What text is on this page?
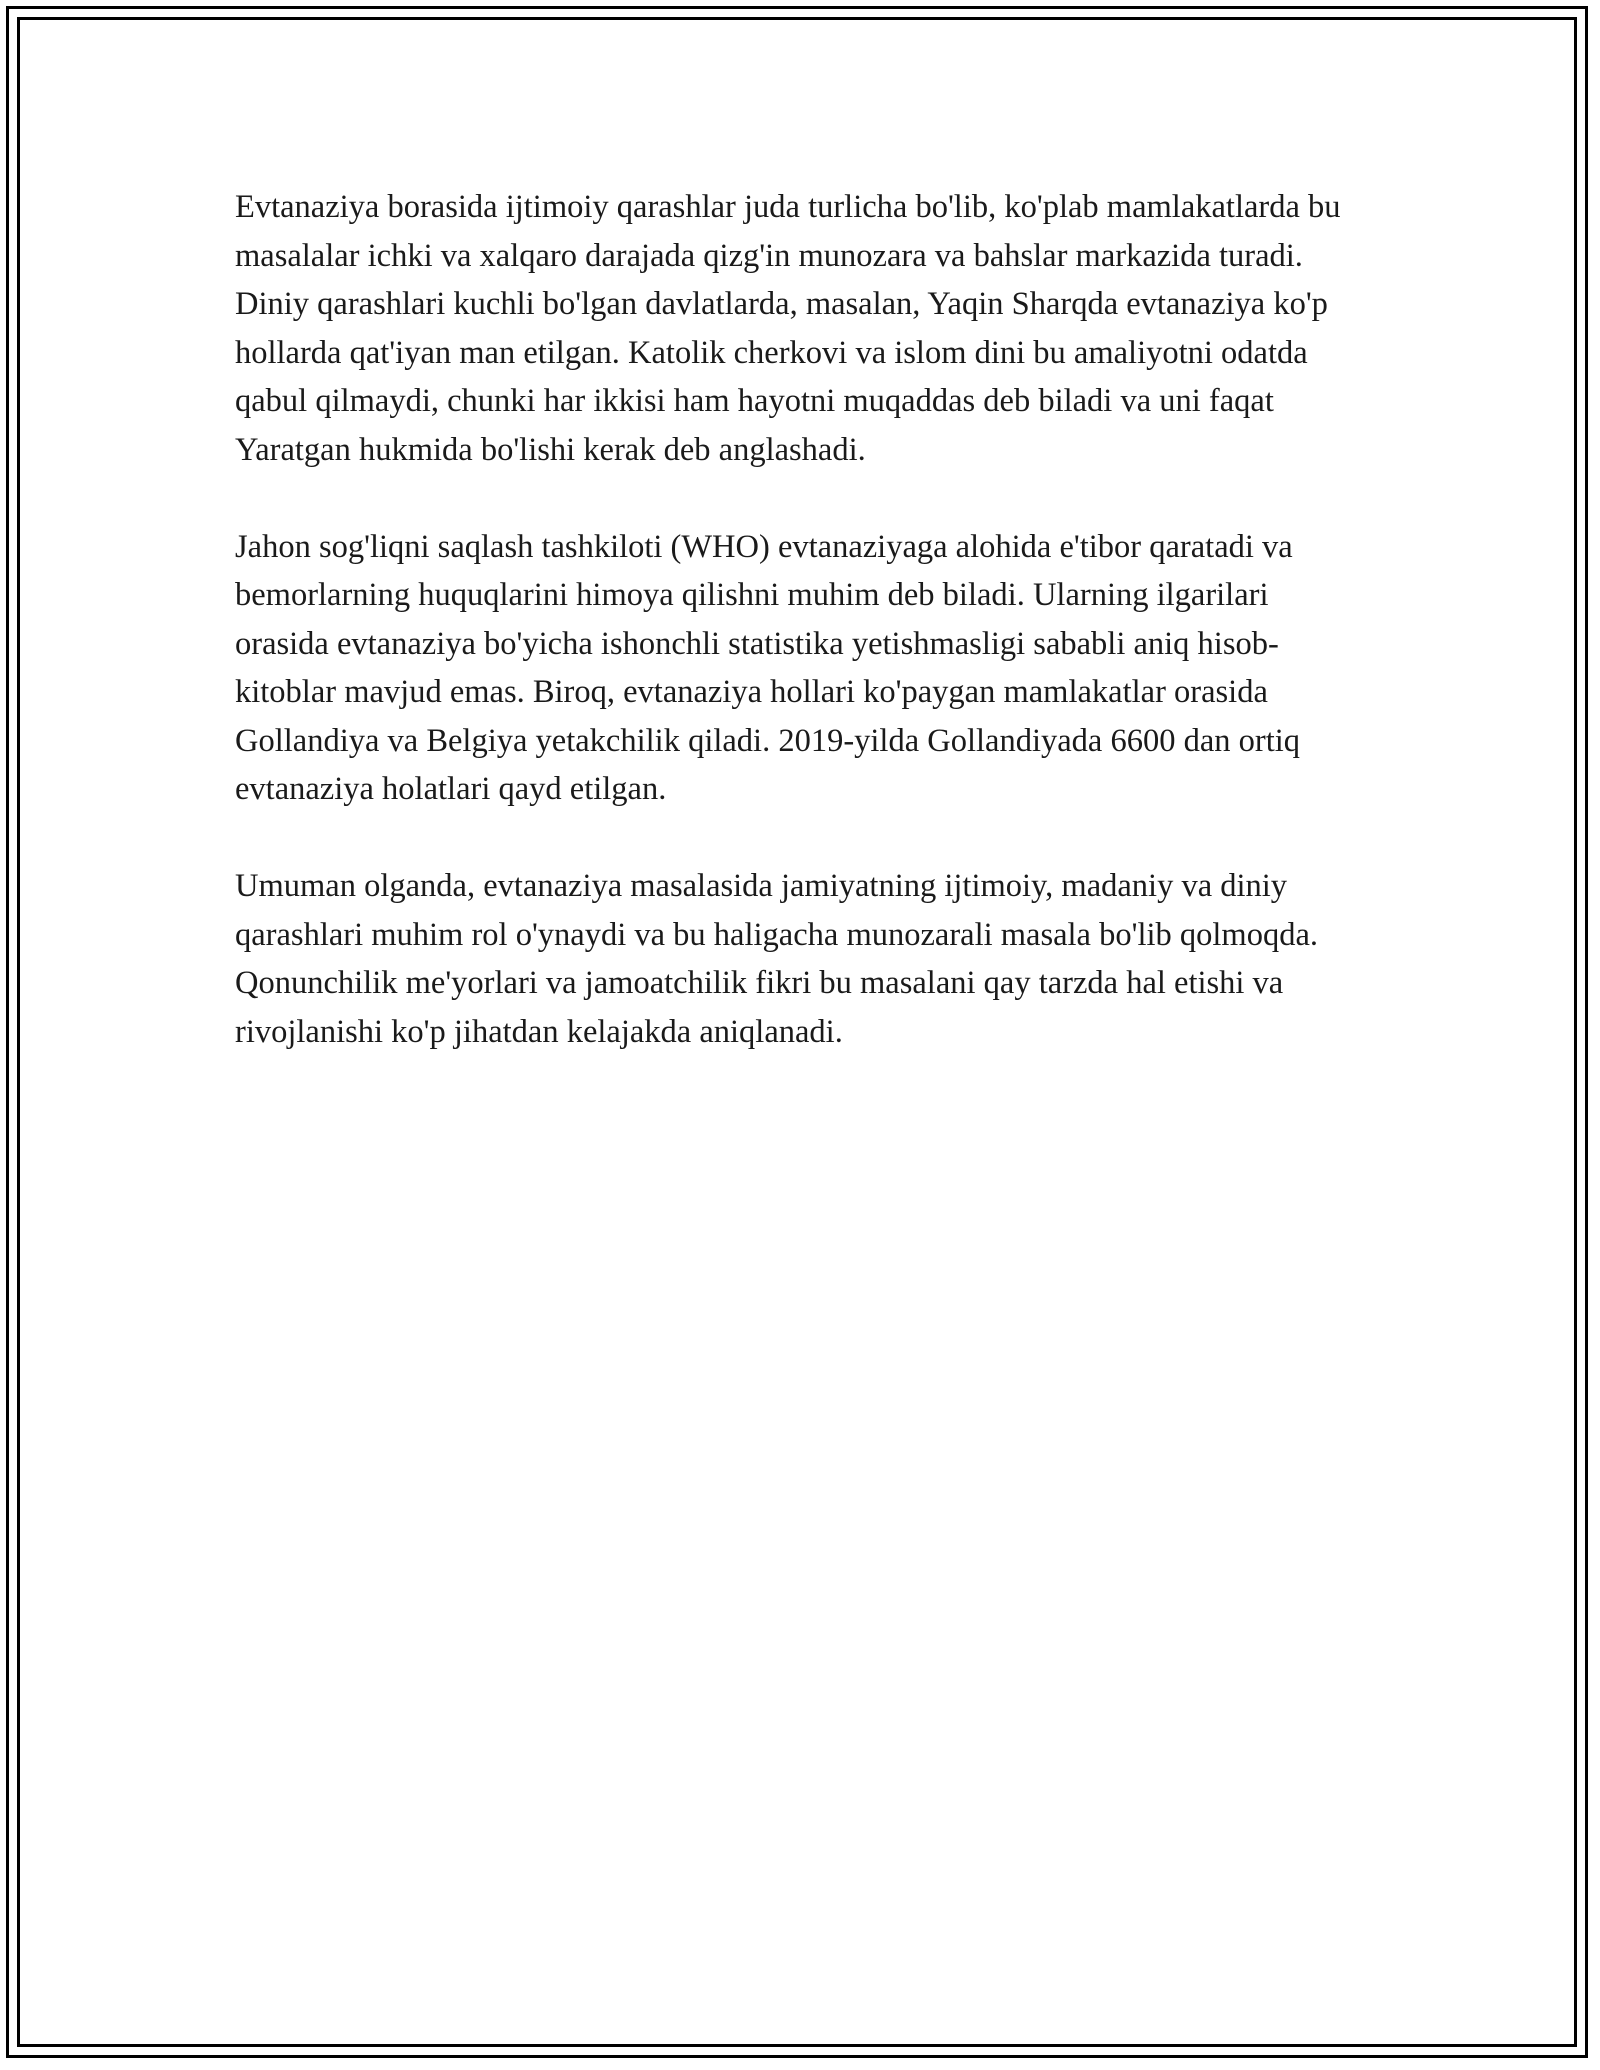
Evtanaziya borasida ijtimoiy qarashlar juda turlicha bo'lib, ko'plab mamlakatlarda bu masalalar ichki va xalqaro darajada qizg'in munozara va bahslar markazida turadi. Diniy qarashlari kuchli bo'lgan davlatlarda, masalan, Yaqin Sharqda evtanaziya ko'p hollarda qat'iyan man etilgan. Katolik cherkovi va islom dini bu amaliyotni odatda qabul qilmaydi, chunki har ikkisi ham hayotni muqaddas deb biladi va uni faqat Yaratgan hukmida bo'lishi kerak deb anglashadi.

Jahon sog'liqni saqlash tashkiloti (WHO) evtanaziyaga alohida e'tibor qaratadi va bemorlarning huquqlarini himoya qilishni muhim deb biladi. Ularning ilgarilari orasida evtanaziya bo'yicha ishonchli statistika yetishmasligi sababli aniq hisob-kitoblar mavjud emas. Biroq, evtanaziya hollari ko'paygan mamlakatlar orasida Gollandiya va Belgiya yetakchilik qiladi. 2019-yilda Gollandiyada 6600 dan ortiq evtanaziya holatlari qayd etilgan.

Umuman olganda, evtanaziya masalasida jamiyatning ijtimoiy, madaniy va diniy qarashlari muhim rol o'ynaydi va bu haligacha munozarali masala bo'lib qolmoqda. Qonunchilik me'yorlari va jamoatchilik fikri bu masalani qay tarzda hal etishi va rivojlanishi ko'p jihatdan kelajakda aniqlanadi.
